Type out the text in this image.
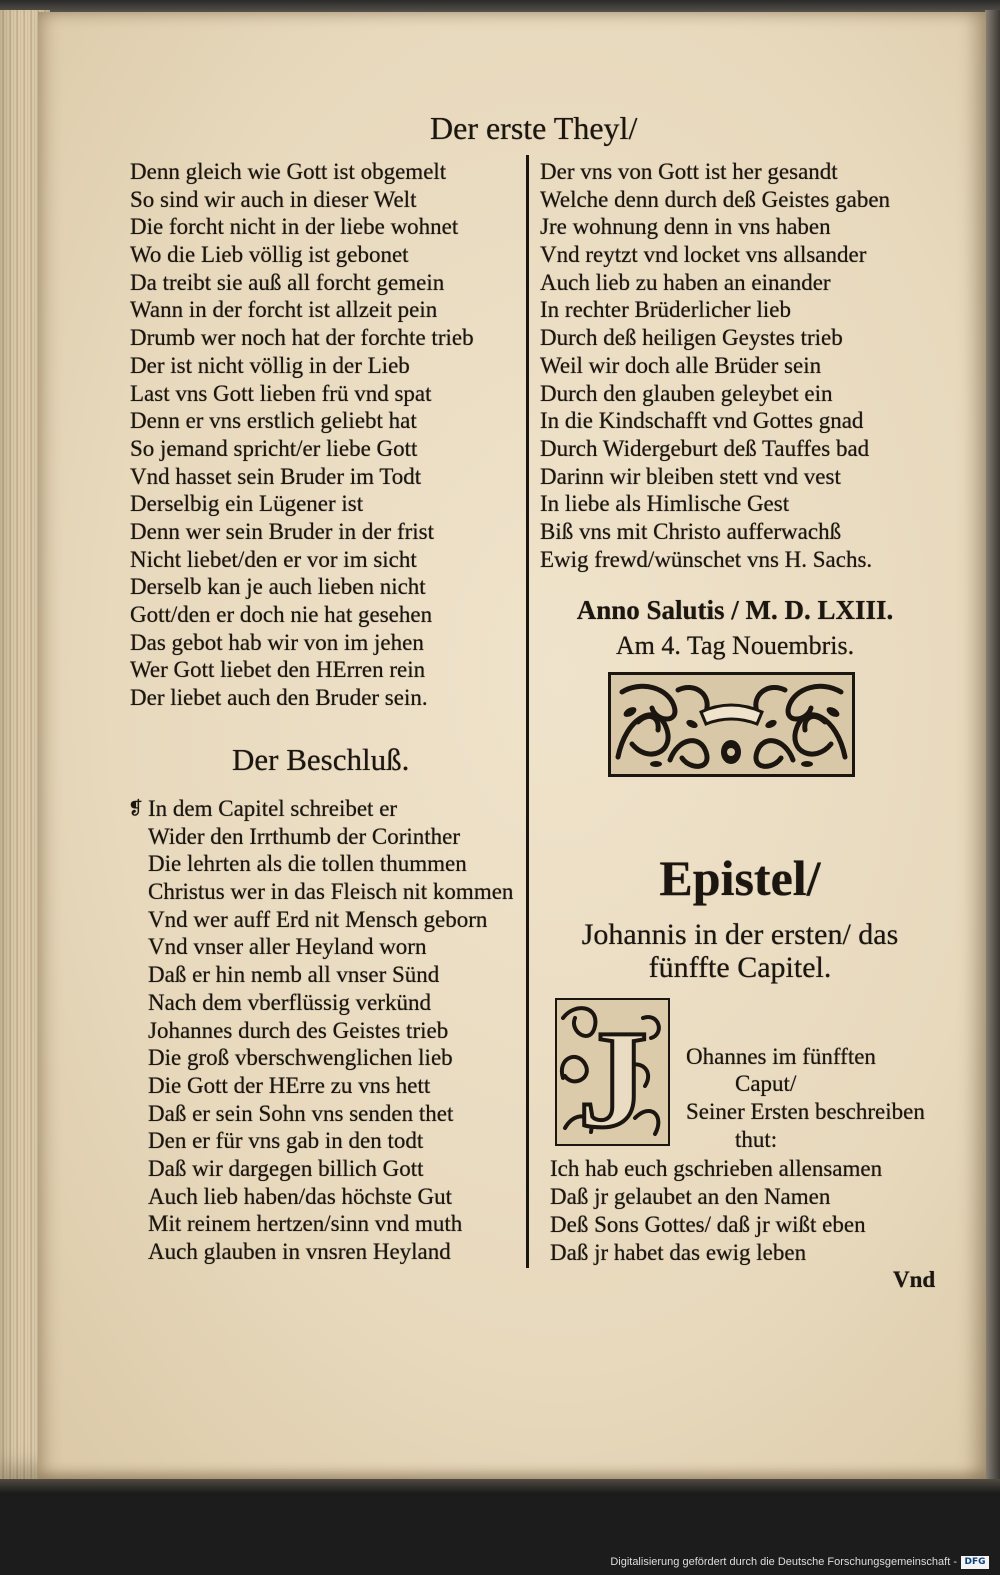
Der erste Theyl/
Denn gleich wie Gott ist obgemelt
So sind wir auch in dieser Welt
Die forcht nicht in der liebe wohnet
Wo die Lieb völlig ist gebonet
Da treibt sie auß all forcht gemein
Wann in der forcht ist allzeit pein
Drumb wer noch hat der forchte trieb
Der ist nicht völlig in der Lieb
Last vns Gott lieben frü vnd spat
Denn er vns erstlich geliebt hat
So jemand spricht/er liebe Gott
Vnd hasset sein Bruder im Todt
Derselbig ein Lügener ist
Denn wer sein Bruder in der frist
Nicht liebet/den er vor im sicht
Derselb kan je auch lieben nicht
Gott/den er doch nie hat gesehen
Das gebot hab wir von im jehen
Wer Gott liebet den HErren rein
Der liebet auch den Bruder sein.
Der Beschluß.
❡ In dem Capitel schreibet er
Wider den Irrthumb der Corinther
Die lehrten als die tollen thummen
Christus wer in das Fleisch nit kommen
Vnd wer auff Erd nit Mensch geborn
Vnd vnser aller Heyland worn
Daß er hin nemb all vnser Sünd
Nach dem vberflüssig verkünd
Johannes durch des Geistes trieb
Die groß vberschwenglichen lieb
Die Gott der HErre zu vns hett
Daß er sein Sohn vns senden thet
Den er für vns gab in den todt
Daß wir dargegen billich Gott
Auch lieb haben/das höchste Gut
Mit reinem hertzen/sinn vnd muth
Auch glauben in vnsren Heyland
Der vns von Gott ist her gesandt
Welche denn durch deß Geistes gaben
Jre wohnung denn in vns haben
Vnd reytzt vnd locket vns allsander
Auch lieb zu haben an einander
In rechter Brüderlicher lieb
Durch deß heiligen Geystes trieb
Weil wir doch alle Brüder sein
Durch den glauben geleybet ein
In die Kindschafft vnd Gottes gnad
Durch Widergeburt deß Tauffes bad
Darinn wir bleiben stett vnd vest
In liebe als Himlische Gest
Biß vns mit Christo aufferwachß
Ewig frewd/wünschet vns H. Sachs.
Anno Salutis / M. D. LXIII.
Am 4. Tag Nouembris.
Epistel/
Johannis in der ersten/ das
fünffte Capitel.
J Ohannes im fünfften
Caput/
Seiner Ersten beschreiben
thut:
Ich hab euch gschrieben allensamen
Daß jr gelaubet an den Namen
Deß Sons Gottes/ daß jr wißt eben
Daß jr habet das ewig leben
Vnd
Digitalisierung gefördert durch die Deutsche Forschungsgemeinschaft - DFG
